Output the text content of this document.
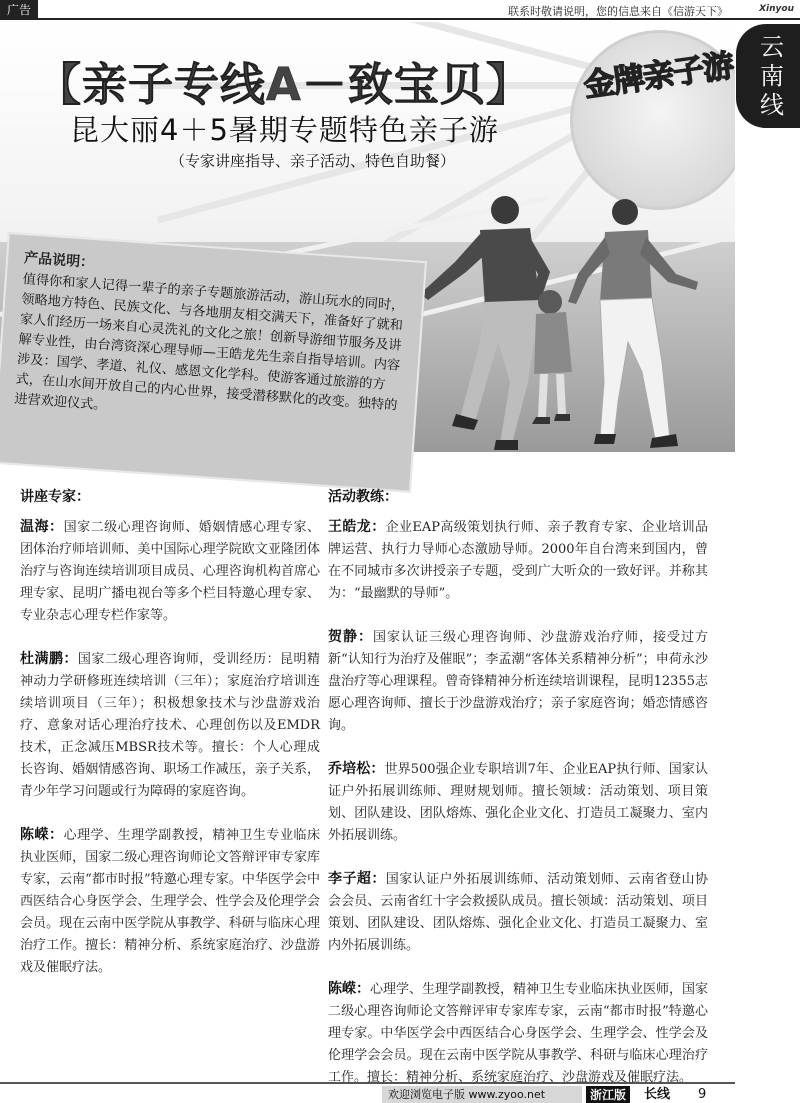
广告	联系时敬请说明，您的信息来自《信游天下》	Xinyou
云
南
线
金牌亲子游
【亲子专线A－致宝贝】
昆大丽4＋5暑期专题特色亲子游
（专家讲座指导、亲子活动、特色自助餐）
产品说明：
值得你和家人记得一辈子的亲子专题旅游活动，游山玩水的同时，领略地方特色、民族文化、与各地朋友相交满天下，准备好了就和家人们经历一场来自心灵洗礼的文化之旅！创新导游细节服务及讲解专业性，由台湾资深心理导师—王皓龙先生亲自指导培训。内容涉及：国学、孝道、礼仪、感恩文化学科。使游客通过旅游的方式，在山水间开放自己的内心世界，接受潜移默化的改变。独特的进营欢迎仪式。
讲座专家：
温海：国家二级心理咨询师、婚姻情感心理专家、团体治疗师培训师、美中国际心理学院欧文亚隆团体治疗与咨询连续培训项目成员、心理咨询机构首席心理专家、昆明广播电视台等多个栏目特邀心理专家、专业杂志心理专栏作家等。
杜满鹏：国家二级心理咨询师，受训经历：昆明精神动力学研修班连续培训（三年）；家庭治疗培训连续培训项目（三年）；积极想象技术与沙盘游戏治疗、意象对话心理治疗技术、心理创伤以及EMDR技术，正念减压MBSR技术等。擅长：个人心理成长咨询、婚姻情感咨询、职场工作减压，亲子关系，青少年学习问题或行为障碍的家庭咨询。
陈嵘：心理学、生理学副教授，精神卫生专业临床执业医师，国家二级心理咨询师论文答辩评审专家库专家，云南“都市时报”特邀心理专家。中华医学会中西医结合心身医学会、生理学会、性学会及伦理学会会员。现在云南中医学院从事教学、科研与临床心理治疗工作。擅长：精神分析、系统家庭治疗、沙盘游戏及催眠疗法。
活动教练：
王皓龙：企业EAP高级策划执行师、亲子教育专家、企业培训品牌运营、执行力导师心态激励导师。2000年自台湾来到国内，曾在不同城市多次讲授亲子专题，受到广大听众的一致好评。并称其为：“最幽默的导师”。
贺静：国家认证三级心理咨询师、沙盘游戏治疗师，接受过方新“认知行为治疗及催眠”；李孟潮“客体关系精神分析”；申荷永沙盘治疗等心理课程。曾奇锋精神分析连续培训课程，昆明12355志愿心理咨询师、擅长于沙盘游戏治疗；亲子家庭咨询；婚恋情感咨询。
乔培松：世界500强企业专职培训7年、企业EAP执行师、国家认证户外拓展训练师、理财规划师。擅长领域：活动策划、项目策划、团队建设、团队熔炼、强化企业文化、打造员工凝聚力、室内外拓展训练。
李子超：国家认证户外拓展训练师、活动策划师、云南省登山协会会员、云南省红十字会救援队成员。擅长领域：活动策划、项目策划、团队建设、团队熔炼、强化企业文化、打造员工凝聚力、室内外拓展训练。
陈嵘：心理学、生理学副教授，精神卫生专业临床执业医师，国家二级心理咨询师论文答辩评审专家库专家，云南“都市时报”特邀心理专家。中华医学会中西医结合心身医学会、生理学会、性学会及伦理学会会员。现在云南中医学院从事教学、科研与临床心理治疗工作。擅长：精神分析、系统家庭治疗、沙盘游戏及催眠疗法。
欢迎浏览电子版 www.zyoo.net	浙江版	长线 9
